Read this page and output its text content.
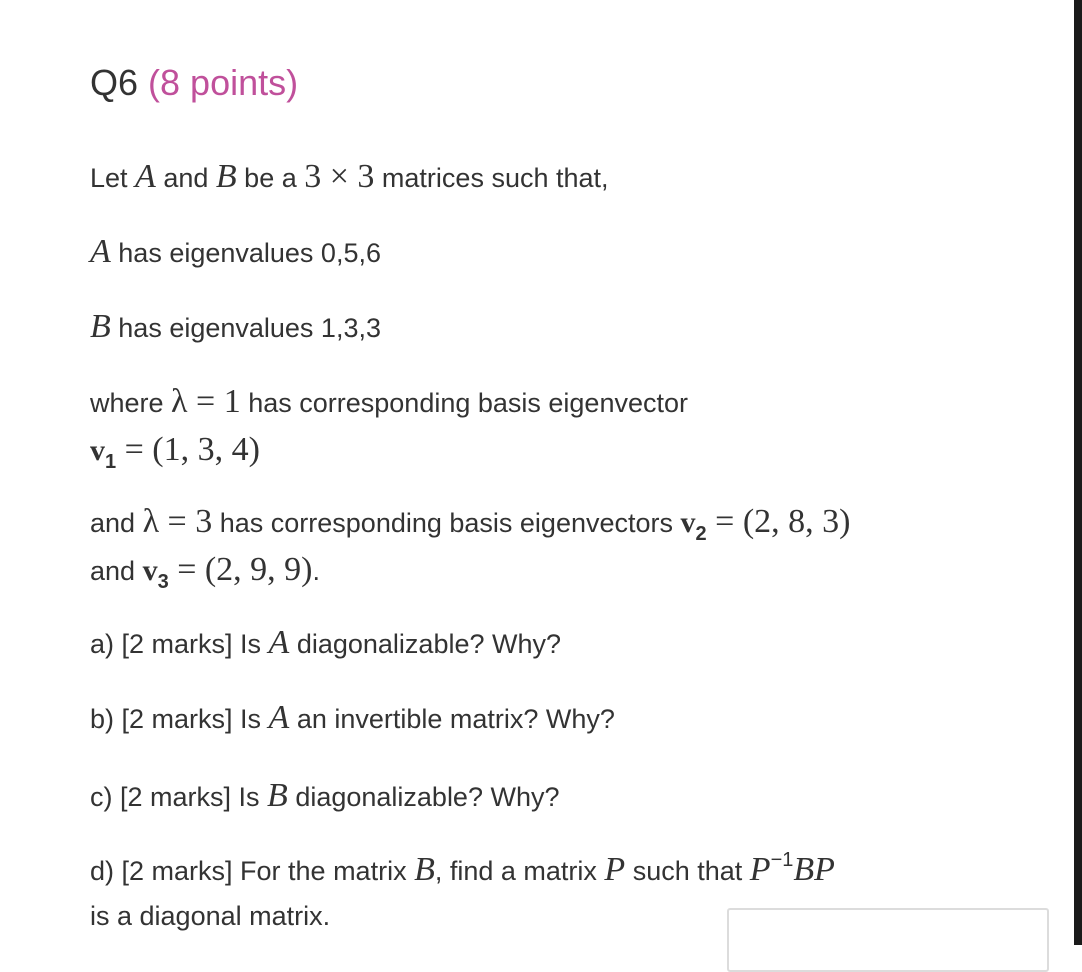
Q6 (8 points)
Let A and B be a 3 × 3 matrices such that,
A has eigenvalues 0,5,6
B has eigenvalues 1,3,3
where λ = 1 has corresponding basis eigenvector
$v_1 = (1$, 3, 4)
and λ = 3 has corresponding basis eigenvectors $v_2 = (2$, 8, 3)
and $v_3 = (2$, 9, 9).
a) [2 marks] Is A diagonalizable? Why?
b) [2 marks] Is A an invertible matrix? Why?
c) [2 marks] Is B diagonalizable? Why?
d) [2 marks] For the matrix B, find a matrix P such that $P^{-1}BP$
is a diagonal matrix.
